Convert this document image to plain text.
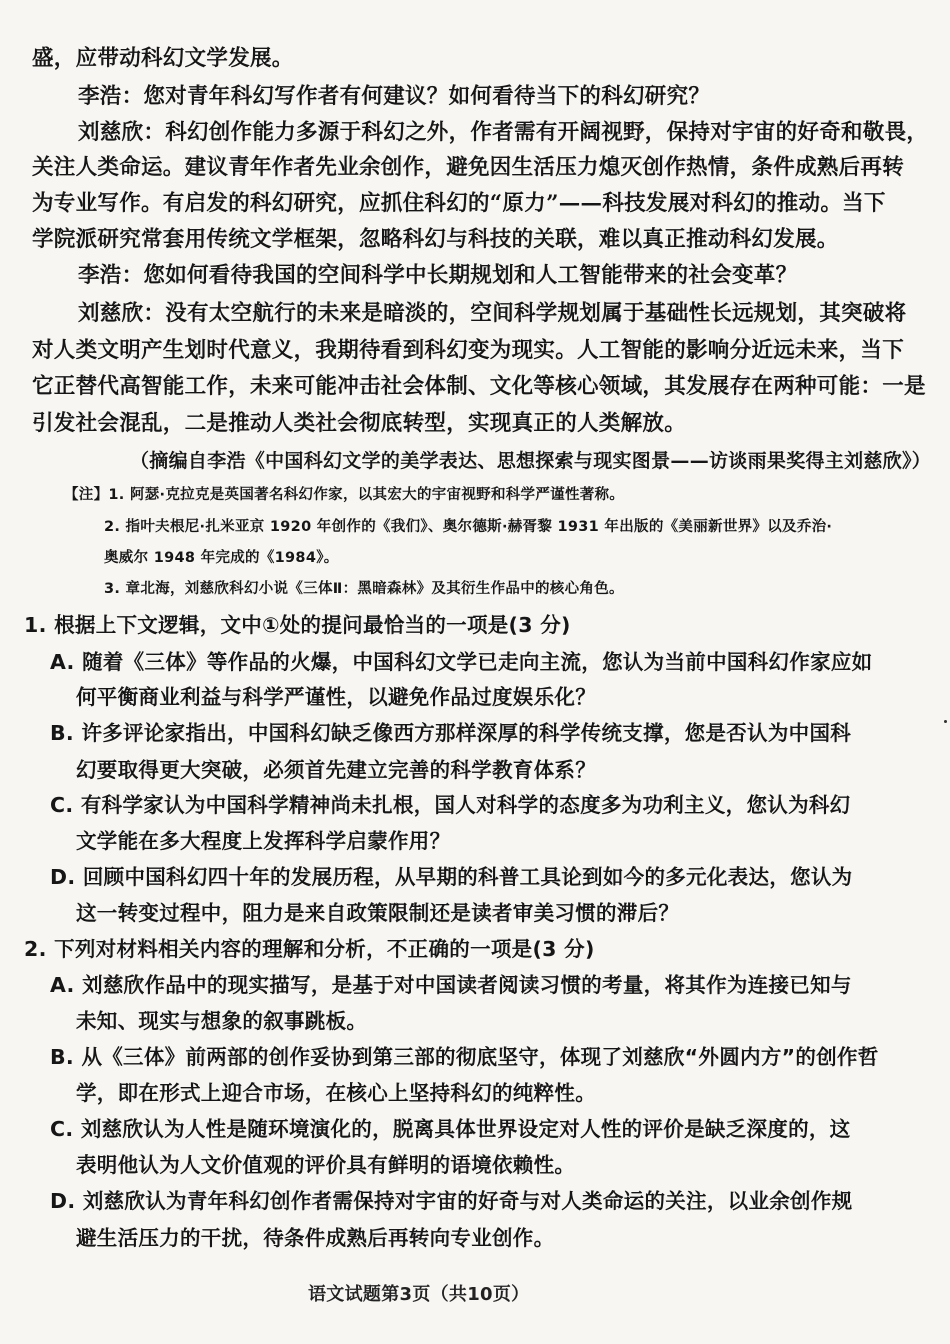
盛，应带动科幻文学发展。
李浩：您对青年科幻写作者有何建议？如何看待当下的科幻研究？
刘慈欣：科幻创作能力多源于科幻之外，作者需有开阔视野，保持对宇宙的好奇和敬畏，
关注人类命运。建议青年作者先业余创作，避免因生活压力熄灭创作热情，条件成熟后再转
为专业写作。有启发的科幻研究，应抓住科幻的“原力”——科技发展对科幻的推动。当下
学院派研究常套用传统文学框架，忽略科幻与科技的关联，难以真正推动科幻发展。
李浩：您如何看待我国的空间科学中长期规划和人工智能带来的社会变革？
刘慈欣：没有太空航行的未来是暗淡的，空间科学规划属于基础性长远规划，其突破将
对人类文明产生划时代意义，我期待看到科幻变为现实。人工智能的影响分近远未来，当下
它正替代高智能工作，未来可能冲击社会体制、文化等核心领域，其发展存在两种可能：一是
引发社会混乱，二是推动人类社会彻底转型，实现真正的人类解放。
（摘编自李浩《中国科幻文学的美学表达、思想探索与现实图景——访谈雨果奖得主刘慈欣》）
【注】1. 阿瑟·克拉克是英国著名科幻作家，以其宏大的宇宙视野和科学严谨性著称。
2. 指叶夫根尼·扎米亚京 1920 年创作的《我们》、奥尔德斯·赫胥黎 1931 年出版的《美丽新世界》以及乔治·
奥威尔 1948 年完成的《1984》。
3. 章北海，刘慈欣科幻小说《三体Ⅱ：黑暗森林》及其衍生作品中的核心角色。
1. 根据上下文逻辑，文中①处的提问最恰当的一项是(3 分)
A. 随着《三体》等作品的火爆，中国科幻文学已走向主流，您认为当前中国科幻作家应如
何平衡商业利益与科学严谨性，以避免作品过度娱乐化？
B. 许多评论家指出，中国科幻缺乏像西方那样深厚的科学传统支撑，您是否认为中国科
幻要取得更大突破，必须首先建立完善的科学教育体系？
C. 有科学家认为中国科学精神尚未扎根，国人对科学的态度多为功利主义，您认为科幻
文学能在多大程度上发挥科学启蒙作用？
D. 回顾中国科幻四十年的发展历程，从早期的科普工具论到如今的多元化表达，您认为
这一转变过程中，阻力是来自政策限制还是读者审美习惯的滞后？
2. 下列对材料相关内容的理解和分析，不正确的一项是(3 分)
A. 刘慈欣作品中的现实描写，是基于对中国读者阅读习惯的考量，将其作为连接已知与
未知、现实与想象的叙事跳板。
B. 从《三体》前两部的创作妥协到第三部的彻底坚守，体现了刘慈欣“外圆内方”的创作哲
学，即在形式上迎合市场，在核心上坚持科幻的纯粹性。
C. 刘慈欣认为人性是随环境演化的，脱离具体世界设定对人性的评价是缺乏深度的，这
表明他认为人文价值观的评价具有鲜明的语境依赖性。
D. 刘慈欣认为青年科幻创作者需保持对宇宙的好奇与对人类命运的关注，以业余创作规
避生活压力的干扰，待条件成熟后再转向专业创作。
语文试题第3页（共10页）
